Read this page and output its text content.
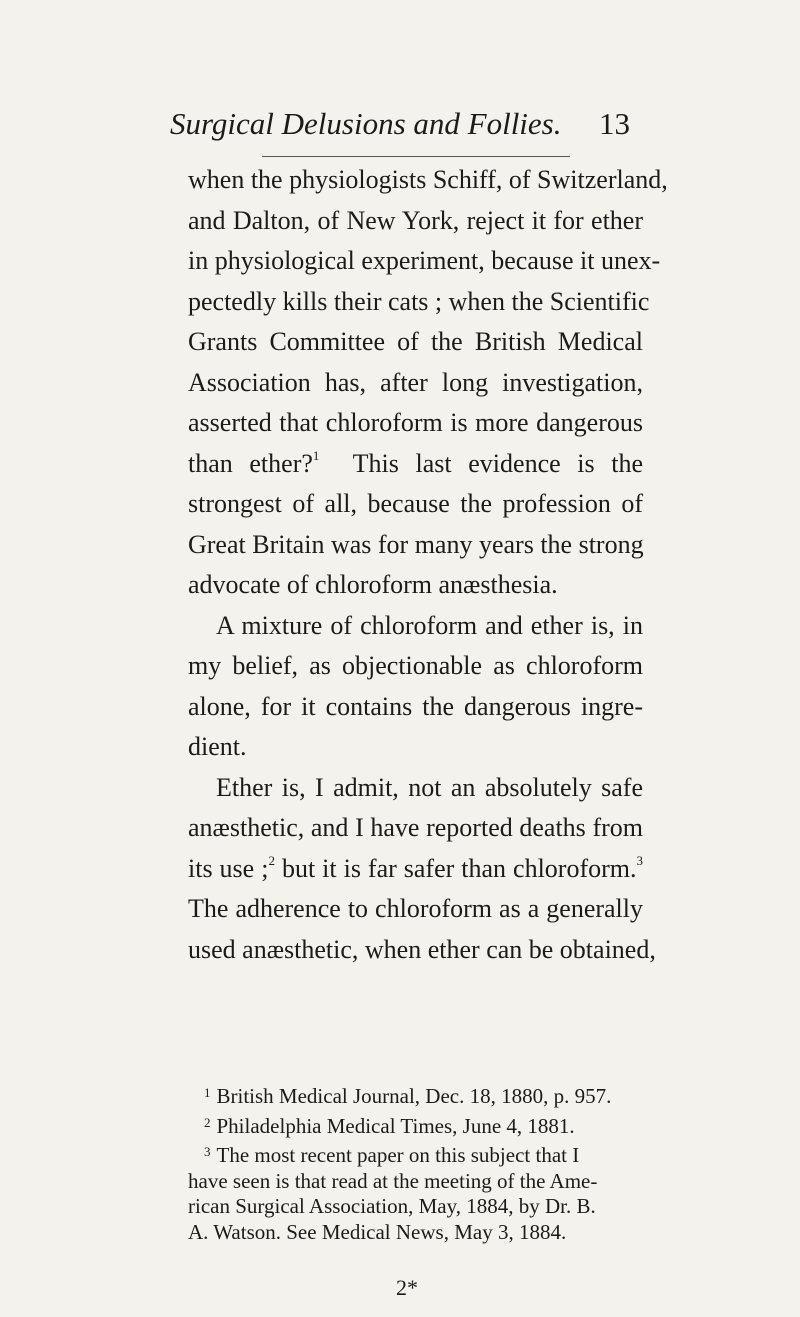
Surgical Delusions and Follies. 13
when the physiologists Schiff, of Switzerland,
and Dalton, of New York, reject it for ether
in physiological experiment, because it unex-
pectedly kills their cats ; when the Scientific
Grants Committee of the British Medical
Association has, after long investigation,
asserted that chloroform is more dangerous
than ether?$^1$ This last evidence is the
strongest of all, because the profession of
Great Britain was for many years the strong
advocate of chloroform anæsthesia.
A mixture of chloroform and ether is, in
my belief, as objectionable as chloroform
alone, for it contains the dangerous ingre-
dient.
Ether is, I admit, not an absolutely safe
anæsthetic, and I have reported deaths from
its use ;$^2$ but it is far safer than chloroform.$^3$
The adherence to chloroform as a generally
used anæsthetic, when ether can be obtained,
$^1$ British Medical Journal, Dec. 18, 1880, p. 957.
$^2$ Philadelphia Medical Times, June 4, 1881.
$^3$ The most recent paper on this subject that I
have seen is that read at the meeting of the Ame-
rican Surgical Association, May, 1884, by Dr. B.
A. Watson. See Medical News, May 3, 1884.
2*
